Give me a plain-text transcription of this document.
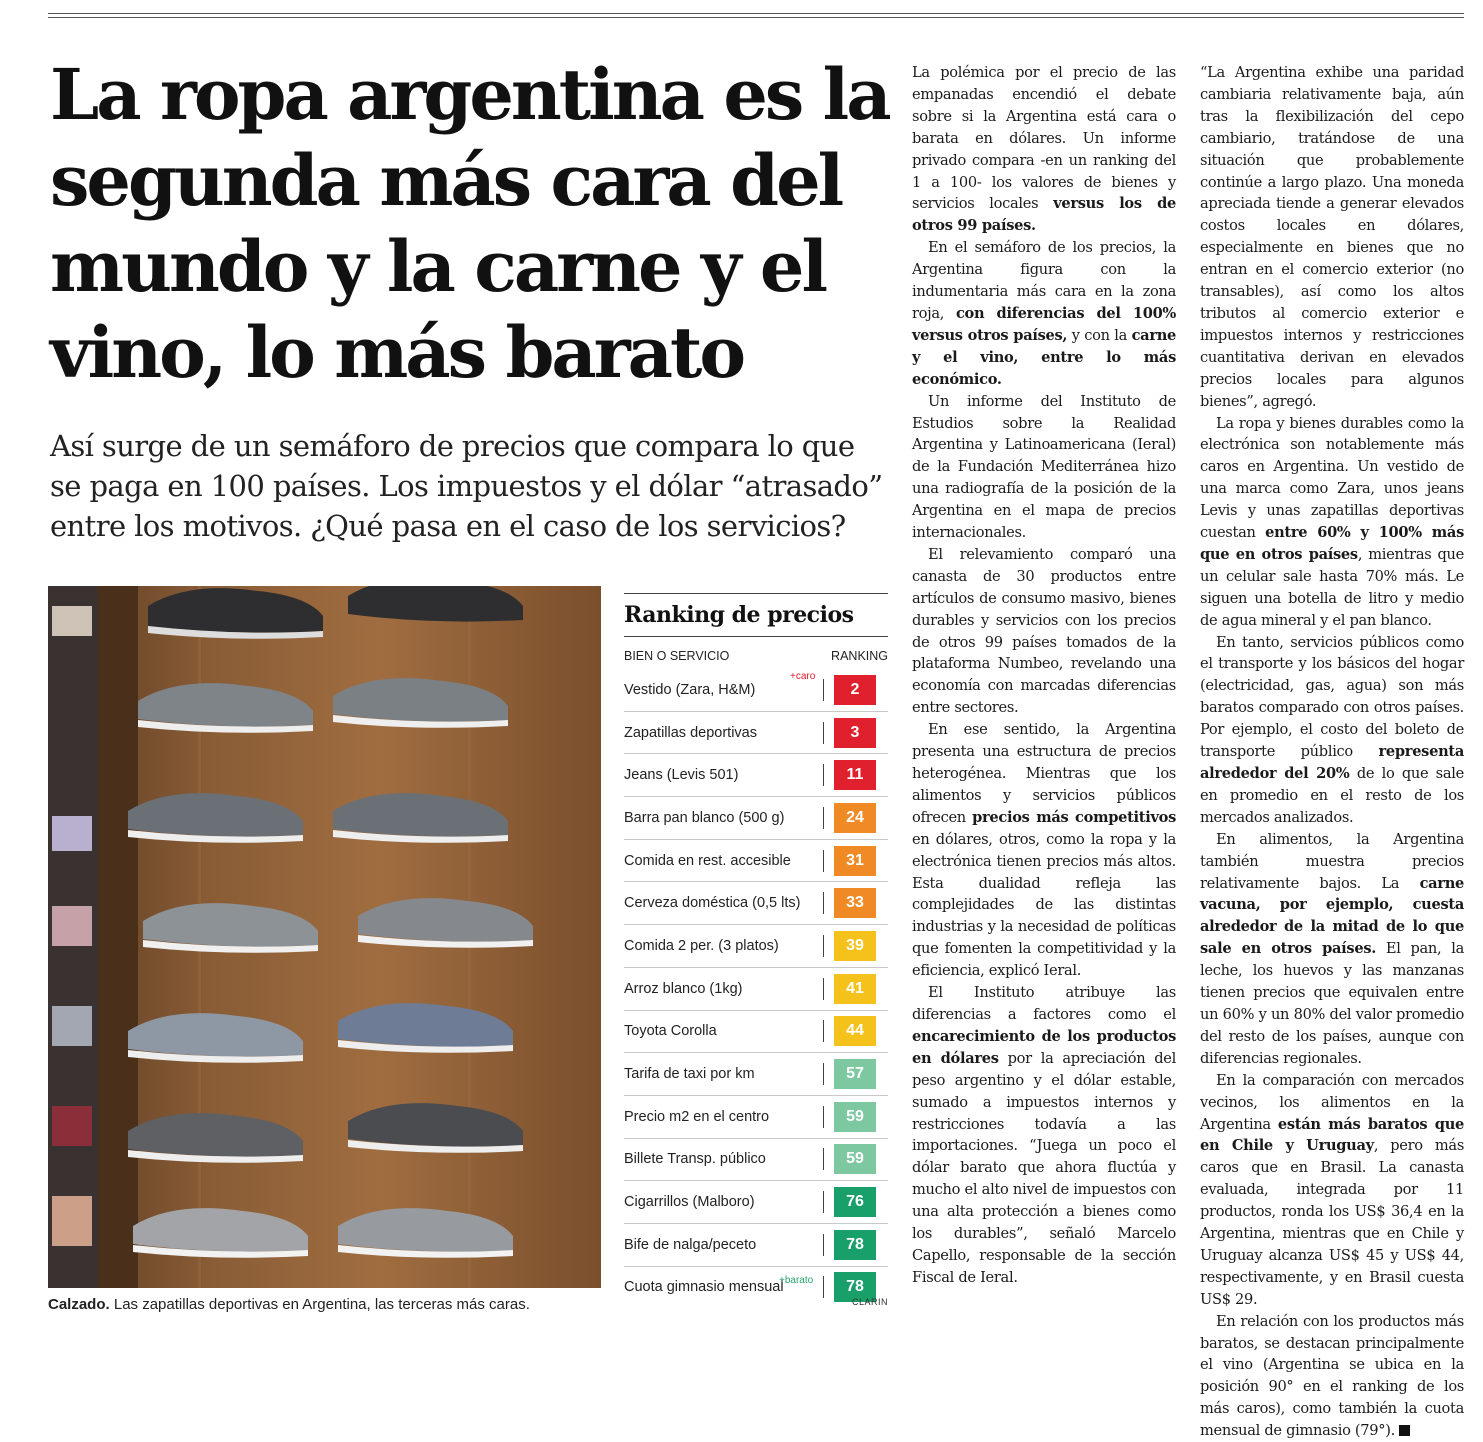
La ropa argentina es la segunda más cara del mundo y la carne y el vino, lo más barato

Así surge de un semáforo de precios que compara lo que se paga en 100 países. Los impuestos y el dólar “atrasado” entre los motivos. ¿Qué pasa en el caso de los servicios?

Calzado. Las zapatillas deportivas en Argentina, las terceras más caras.
Ranking de precios
BIEN O SERVICIO	RANKING
Vestido (Zara, H&M)	2
Zapatillas deportivas	3
Jeans (Levis 501)	11
Barra pan blanco (500 g)	24
Comida en rest. accesible	31
Cerveza doméstica (0,5 lts)	33
Comida 2 per. (3 platos)	39
Arroz blanco (1kg)	41
Toyota Corolla	44
Tarifa de taxi por km	57
Precio m2 en el centro	59
Billete Transp. público	59
Cigarrillos (Malboro)	76
Bife de nalga/peceto	78
Cuota gimnasio mensual	78
+caro
+barato
CLARIN

La polémica por el precio de las empanadas encendió el debate sobre si la Argentina está cara o barata en dólares. Un informe privado compara -en un ranking del 1 a 100- los valores de bienes y servicios locales versus los de otros 99 países.

En el semáforo de los precios, la Argentina figura con la indumentaria más cara en la zona roja, con diferencias del 100% versus otros países, y con la carne y el vino, entre lo más económico.

Un informe del Instituto de Estudios sobre la Realidad Argentina y Latinoamericana (Ieral) de la Fundación Mediterránea hizo una radiografía de la posición de la Argentina en el mapa de precios internacionales.

El relevamiento comparó una canasta de 30 productos entre artículos de consumo masivo, bienes durables y servicios con los precios de otros 99 países tomados de la plataforma Numbeo, revelando una economía con marcadas diferencias entre sectores.

En ese sentido, la Argentina presenta una estructura de precios heterogénea. Mientras que los alimentos y servicios públicos ofrecen precios más competitivos en dólares, otros, como la ropa y la electrónica tienen precios más altos. Esta dualidad refleja las complejidades de las distintas industrias y la necesidad de políticas que fomenten la competitividad y la eficiencia, explicó Ieral.

El Instituto atribuye las diferencias a factores como el encarecimiento de los productos en dólares por la apreciación del peso argentino y el dólar estable, sumado a impuestos internos y restricciones todavía a las importaciones. “Juega un poco el dólar barato que ahora fluctúa y mucho el alto nivel de impuestos con una alta protección a bienes como los durables”, señaló Marcelo Capello, responsable de la sección Fiscal de Ieral.

“La Argentina exhibe una paridad cambiaria relativamente baja, aún tras la flexibilización del cepo cambiario, tratándose de una situación que probablemente continúe a largo plazo. Una moneda apreciada tiende a generar elevados costos locales en dólares, especialmente en bienes que no entran en el comercio exterior (no transables), así como los altos tributos al comercio exterior e impuestos internos y restricciones cuantitativa derivan en elevados precios locales para algunos bienes”, agregó.

La ropa y bienes durables como la electrónica son notablemente más caros en Argentina. Un vestido de una marca como Zara, unos jeans Levis y unas zapatillas deportivas cuestan entre 60% y 100% más que en otros países, mientras que un celular sale hasta 70% más. Le siguen una botella de litro y medio de agua mineral y el pan blanco.

En tanto, servicios públicos como el transporte y los básicos del hogar (electricidad, gas, agua) son más baratos comparado con otros países. Por ejemplo, el costo del boleto de transporte público representa alrededor del 20% de lo que sale en promedio en el resto de los mercados analizados.

En alimentos, la Argentina también muestra precios relativamente bajos. La carne vacuna, por ejemplo, cuesta alrededor de la mitad de lo que sale en otros países. El pan, la leche, los huevos y las manzanas tienen precios que equivalen entre un 60% y un 80% del valor promedio del resto de los países, aunque con diferencias regionales.

En la comparación con mercados vecinos, los alimentos en la Argentina están más baratos que en Chile y Uruguay, pero más caros que en Brasil. La canasta evaluada, integrada por 11 productos, ronda los US$ 36,4 en la Argentina, mientras que en Chile y Uruguay alcanza US$ 45 y US$ 44, respectivamente, y en Brasil cuesta US$ 29.

En relación con los productos más baratos, se destacan principalmente el vino (Argentina se ubica en la posición 90° en el ranking de los más caros), como también la cuota mensual de gimnasio (79°).
